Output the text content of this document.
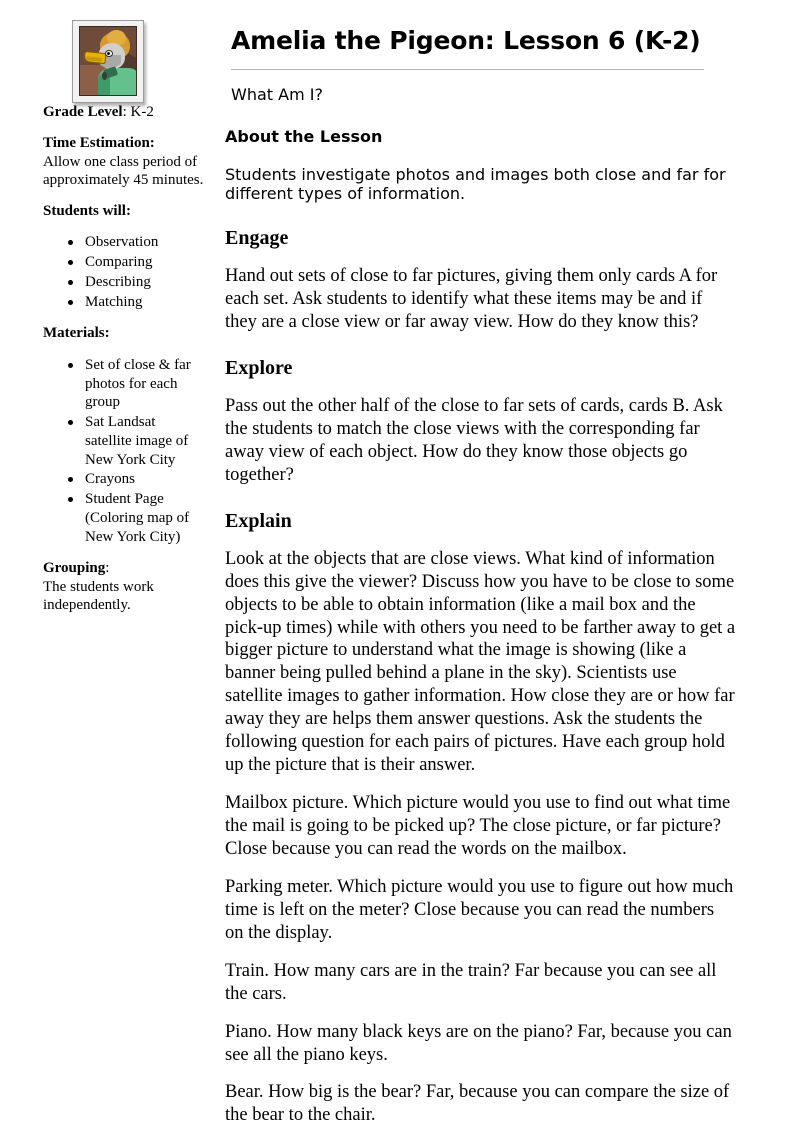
Grade Level: K-2

Time Estimation:
Allow one class period of approximately 45 minutes.

Students will:

Observation
Comparing
Describing
Matching

Materials:

Set of close & far photos for each group
Sat Landsat satellite image of New York City
Crayons
Student Page (Coloring map of New York City)

Grouping:
The students work independently.

Amelia the Pigeon: Lesson 6 (K-2)
What Am I?
About the Lesson

Students investigate photos and images both close and far for different types of information.

Engage

Hand out sets of close to far pictures, giving them only cards A for each set. Ask students to identify what these items may be and if they are a close view or far away view. How do they know this?

Explore

Pass out the other half of the close to far sets of cards, cards B. Ask the students to match the close views with the corresponding far away view of each object. How do they know those objects go together?

Explain

Look at the objects that are close views. What kind of information does this give the viewer? Discuss how you have to be close to some objects to be able to obtain information (like a mail box and the pick-up times) while with others you need to be farther away to get a bigger picture to understand what the image is showing (like a banner being pulled behind a plane in the sky). Scientists use satellite images to gather information. How close they are or how far away they are helps them answer questions. Ask the students the following question for each pairs of pictures. Have each group hold up the picture that is their answer.

Mailbox picture. Which picture would you use to find out what time the mail is going to be picked up? The close picture, or far picture? Close because you can read the words on the mailbox.

Parking meter. Which picture would you use to figure out how much time is left on the meter? Close because you can read the numbers on the display.

Train. How many cars are in the train? Far because you can see all the cars.

Piano. How many black keys are on the piano? Far, because you can see all the piano keys.

Bear. How big is the bear? Far, because you can compare the size of the bear to the chair.
